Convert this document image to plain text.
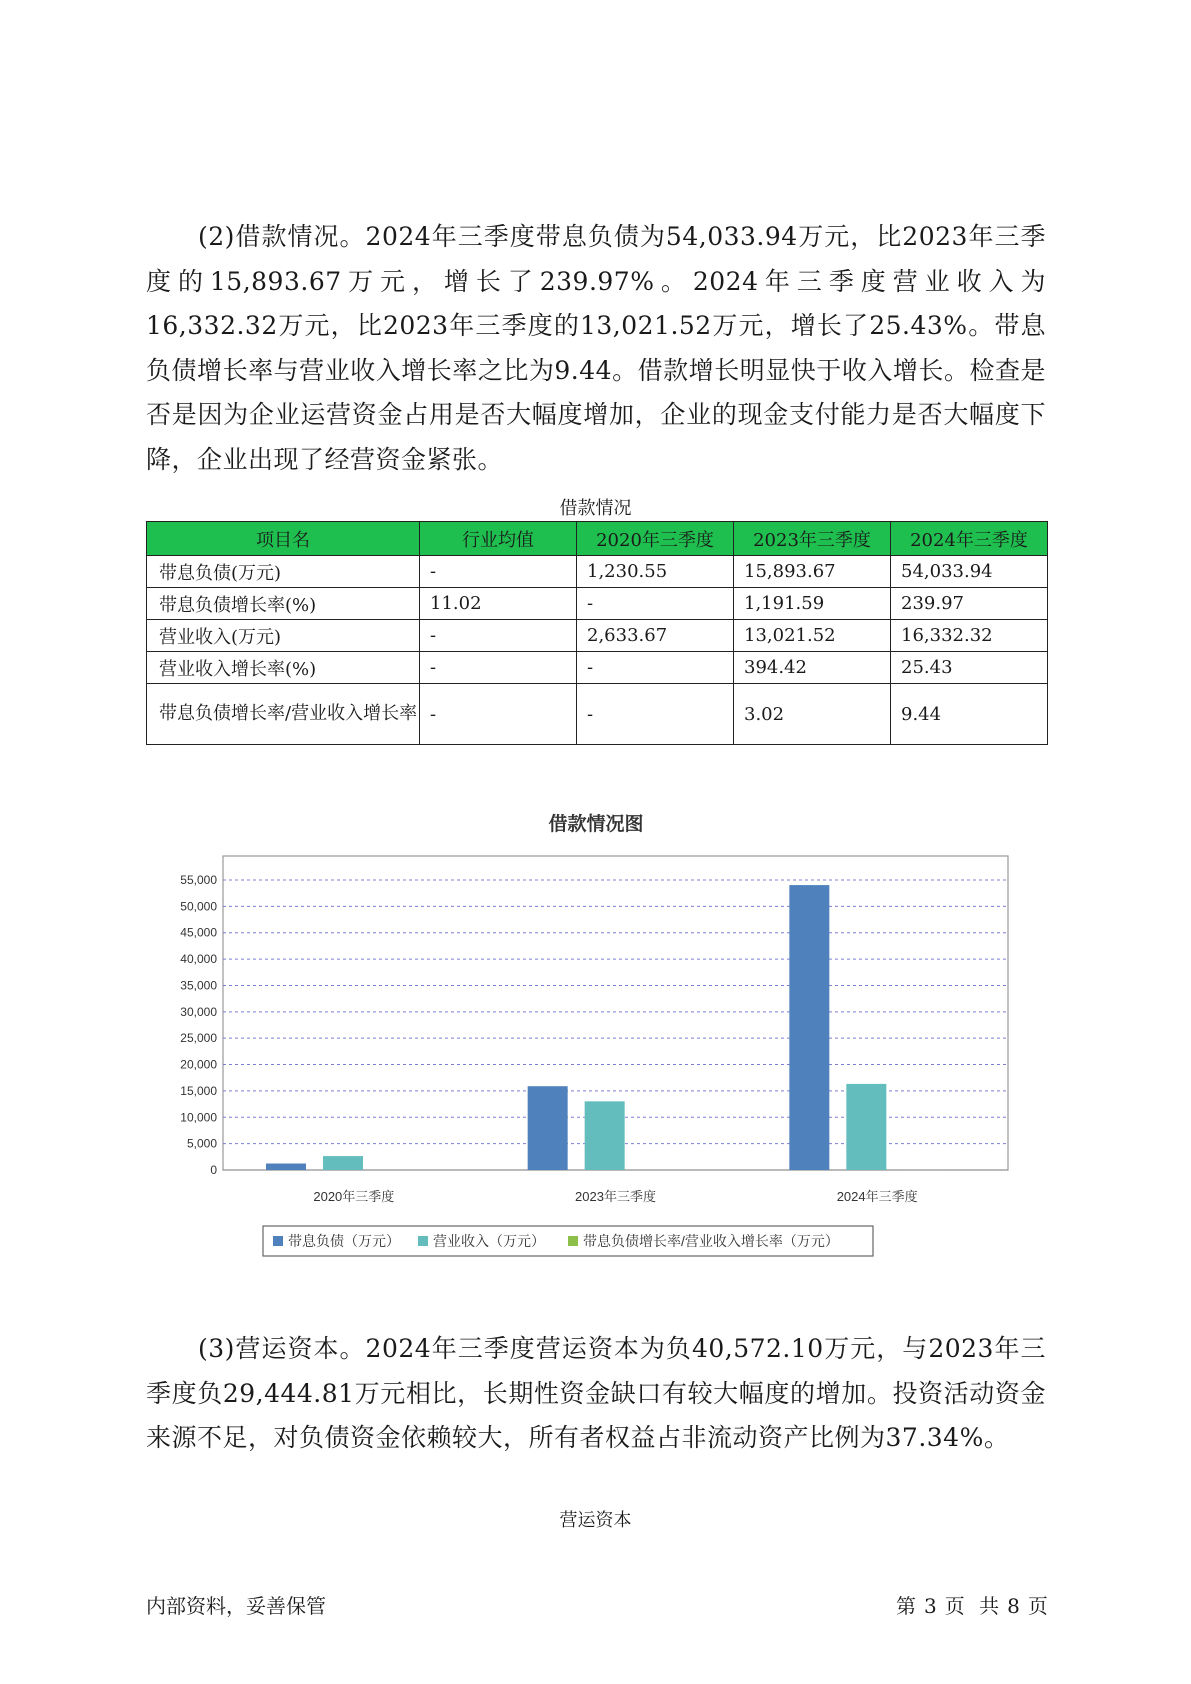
(2)借款情况。2024年三季度带息负债为54,033.94万元，比2023年三季度的15,893.67万元，增长了239.97%。2024年三季度营业收入为16,332.32万元，比2023年三季度的13,021.52万元，增长了25.43%。带息负债增长率与营业收入增长率之比为9.44。借款增长明显快于收入增长。检查是否是因为企业运营资金占用是否大幅度增加，企业的现金支付能力是否大幅度下降，企业出现了经营资金紧张。

借款情况
项目名	行业均值	2020年三季度	2023年三季度	2024年三季度
带息负债(万元)	-	1,230.55	15,893.67	54,033.94
带息负债增长率(%)	11.02	-	1,191.59	239.97
营业收入(万元)	-	2,633.67	13,021.52	16,332.32
营业收入增长率(%)	-	-	394.42	25.43
带息负债增长率/营业收入增长率	-	-	3.02	9.44
借款情况图
0
5,000
10,000
15,000
20,000
25,000
30,000
35,000
40,000
45,000
50,000
55,000
2020年三季度	2023年三季度	2024年三季度
带息负债（万元） 营业收入（万元）	带息负债增长率/营业收入增长率（万元）

(3)营运资本。2024年三季度营运资本为负40,572.10万元，与2023年三季度负29,444.81万元相比，长期性资金缺口有较大幅度的增加。投资活动资金来源不足，对负债资金依赖较大，所有者权益占非流动资产比例为37.34%。

营运资本
内部资料，妥善保管	第 3 页 共 8 页
